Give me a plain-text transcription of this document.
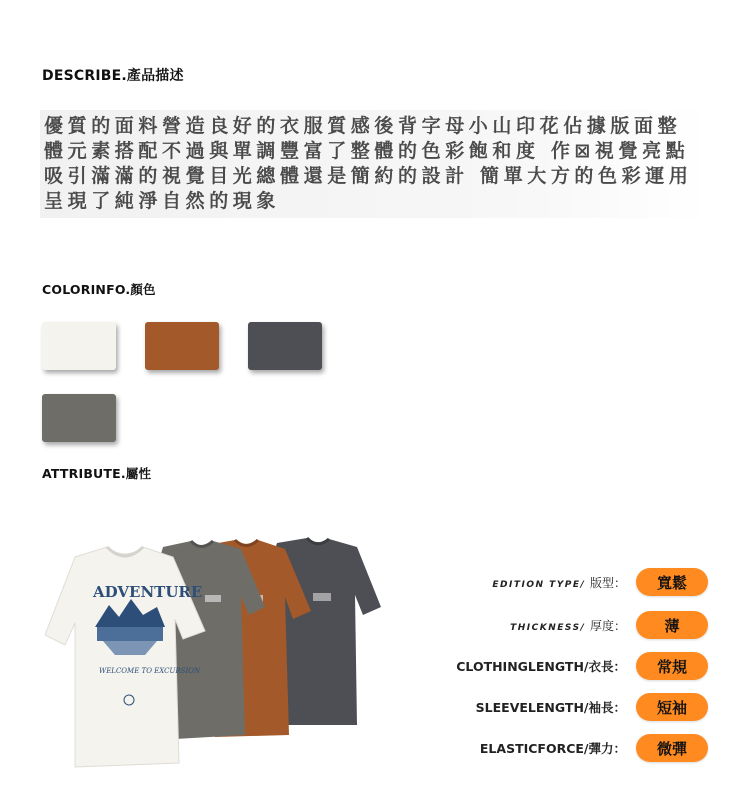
DESCRIBE.產品描述
優質的面料營造良好的衣服質感後背字母小山印花佔據版面整體元素搭配不過與單調豐富了整體的色彩飽和度 作⊠視覺亮點吸引滿滿的視覺目光總體還是簡約的設計 簡單大方的色彩運用呈現了純淨自然的現象
COLORINFO.顏色
ATTRIBUTE.屬性
ADVENTURE
WELCOME TO EXCURSION
EDITION TYPE/ 版型：	寬鬆
THICKNESS/ 厚度：	薄
CLOTHINGLENGTH/衣長：	常規
SLEEVELENGTH/袖長：	短袖
ELASTICFORCE/彈力：	微彈
